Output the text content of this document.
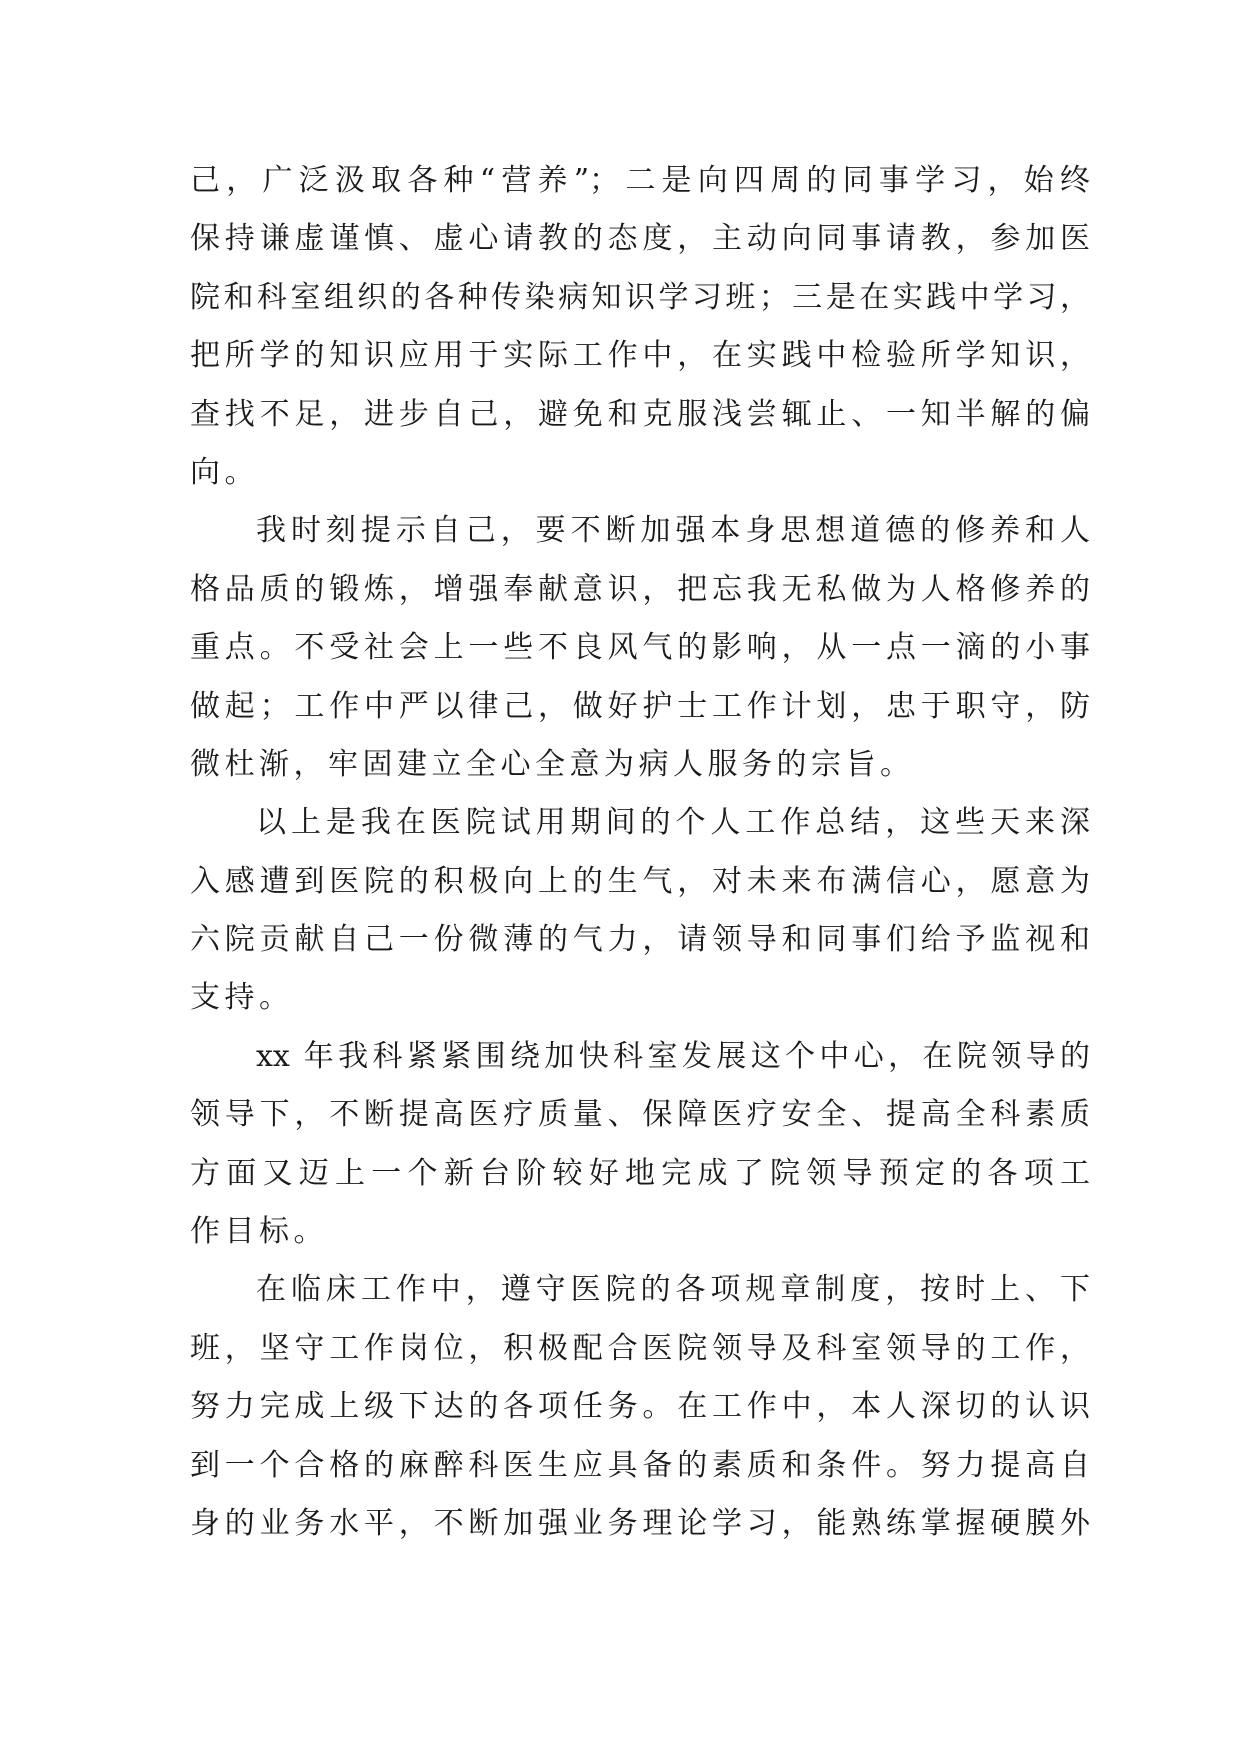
己，广泛汲取各种“营养”；二是向四周的同事学习，始终
保持谦虚谨慎、虚心请教的态度，主动向同事请教，参加医
院和科室组织的各种传染病知识学习班；三是在实践中学习，
把所学的知识应用于实际工作中，在实践中检验所学知识，
查找不足，进步自己，避免和克服浅尝辄止、一知半解的偏
向。
我时刻提示自己，要不断加强本身思想道德的修养和人
格品质的锻炼，增强奉献意识，把忘我无私做为人格修养的
重点。不受社会上一些不良风气的影响，从一点一滴的小事
做起；工作中严以律己，做好护士工作计划，忠于职守，防
微杜渐，牢固建立全心全意为病人服务的宗旨。
以上是我在医院试用期间的个人工作总结，这些天来深
入感遭到医院的积极向上的生气，对未来布满信心，愿意为
六院贡献自己一份微薄的气力，请领导和同事们给予监视和
支持。
xx 年我科紧紧围绕加快科室发展这个中心，在院领导的
领导下，不断提高医疗质量、保障医疗安全、提高全科素质
方面又迈上一个新台阶较好地完成了院领导预定的各项工
作目标。
在临床工作中，遵守医院的各项规章制度，按时上、下
班，坚守工作岗位，积极配合医院领导及科室领导的工作，
努力完成上级下达的各项任务。在工作中，本人深切的认识
到一个合格的麻醉科医生应具备的素质和条件。努力提高自
身的业务水平，不断加强业务理论学习，能熟练掌握硬膜外
